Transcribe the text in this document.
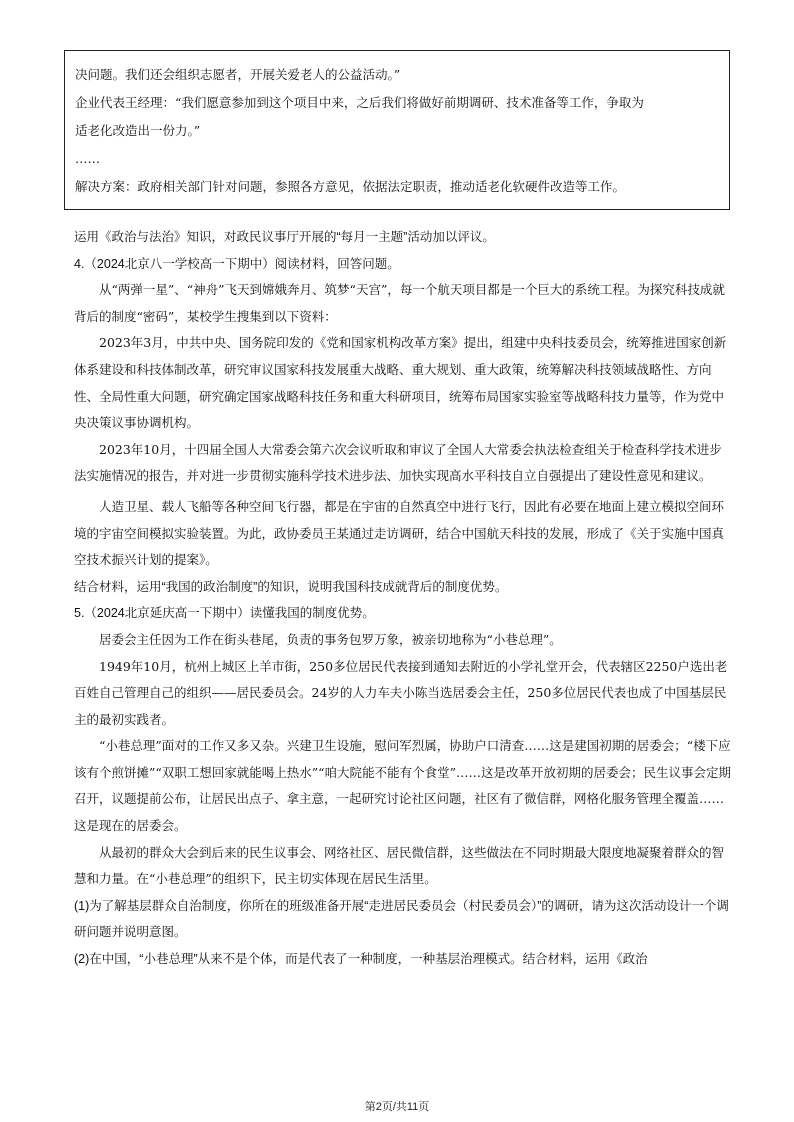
决问题。我们还会组织志愿者，开展关爱老人的公益活动。”

企业代表王经理：“我们愿意参加到这个项目中来，之后我们将做好前期调研、技术准备等工作，争取为

适老化改造出一份力。”

……

解决方案：政府相关部门针对问题，参照各方意见，依据法定职责，推动适老化软硬件改造等工作。

运用《政治与法治》知识，对政民议事厅开展的“每月一主题”活动加以评议。

4.（2024北京八一学校高一下期中）阅读材料，回答问题。

从“两弹一星”、“神舟”飞天到嫦娥奔月、筑梦“天宫”，每一个航天项目都是一个巨大的系统工程。为探究科技成就背后的制度“密码”，某校学生搜集到以下资料：

2023年3月，中共中央、国务院印发的《党和国家机构改革方案》提出，组建中央科技委员会，统筹推进国家创新体系建设和科技体制改革，研究审议国家科技发展重大战略、重大规划、重大政策，统筹解决科技领域战略性、方向性、全局性重大问题，研究确定国家战略科技任务和重大科研项目，统筹布局国家实验室等战略科技力量等，作为党中央决策议事协调机构。

2023年10月，十四届全国人大常委会第六次会议听取和审议了全国人大常委会执法检查组关于检查科学技术进步法实施情况的报告，并对进一步贯彻实施科学技术进步法、加快实现高水平科技自立自强提出了建设性意见和建议。

人造卫星、载人飞船等各种空间飞行器，都是在宇宙的自然真空中进行飞行，因此有必要在地面上建立模拟空间环境的宇宙空间模拟实验装置。为此，政协委员王某通过走访调研，结合中国航天科技的发展，形成了《关于实施中国真空技术振兴计划的提案》。

结合材料，运用“我国的政治制度”的知识，说明我国科技成就背后的制度优势。

5.（2024北京延庆高一下期中）读懂我国的制度优势。

居委会主任因为工作在街头巷尾，负责的事务包罗万象，被亲切地称为“小巷总理”。

1949年10月，杭州上城区上羊市街，250多位居民代表接到通知去附近的小学礼堂开会，代表辖区2250户选出老百姓自己管理自己的组织——居民委员会。24岁的人力车夫小陈当选居委会主任，250多位居民代表也成了中国基层民主的最初实践者。

“小巷总理”面对的工作又多又杂。兴建卫生设施，慰问军烈属，协助户口清查……这是建国初期的居委会；“楼下应该有个煎饼摊”“双职工想回家就能喝上热水”“咱大院能不能有个食堂”……这是改革开放初期的居委会；民生议事会定期召开，议题提前公布，让居民出点子、拿主意，一起研究讨论社区问题，社区有了微信群，网格化服务管理全覆盖……这是现在的居委会。

从最初的群众大会到后来的民生议事会、网络社区、居民微信群，这些做法在不同时期最大限度地凝聚着群众的智慧和力量。在“小巷总理”的组织下，民主切实体现在居民生活里。

(1)为了解基层群众自治制度，你所在的班级准备开展“走进居民委员会（村民委员会）”的调研，请为这次活动设计一个调研问题并说明意图。

(2)在中国，“小巷总理”从来不是个体，而是代表了一种制度，一种基层治理模式。结合材料，运用《政治

第2页/共11页
